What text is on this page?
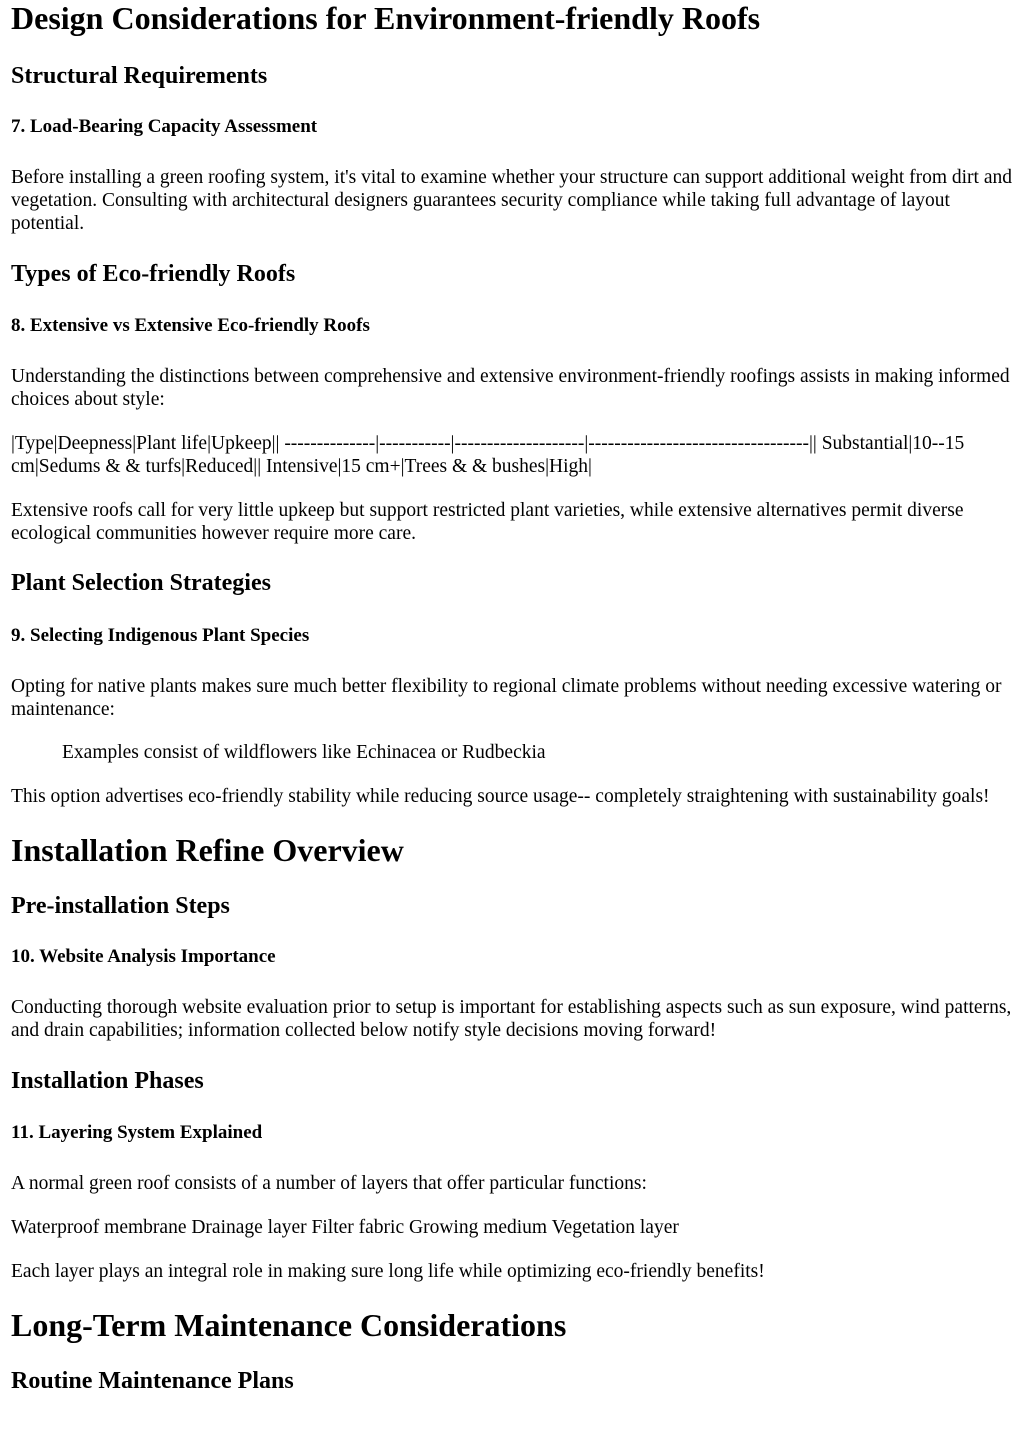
Design Considerations for Environment-friendly Roofs
Structural Requirements
7. Load-Bearing Capacity Assessment

Before installing a green roofing system, it's vital to examine whether your structure can support additional weight from dirt and vegetation. Consulting with architectural designers guarantees security compliance while taking full advantage of layout potential.

Types of Eco-friendly Roofs
8. Extensive vs Extensive Eco-friendly Roofs

Understanding the distinctions between comprehensive and extensive environment-friendly roofings assists in making informed choices about style:

|Type|Deepness|Plant life|Upkeep|| --------------|-----------|--------------------|----------------------------------|| Substantial|10--15 cm|Sedums & & turfs|Reduced|| Intensive|15 cm+|Trees & & bushes|High|

Extensive roofs call for very little upkeep but support restricted plant varieties, while extensive alternatives permit diverse ecological communities however require more care.

Plant Selection Strategies
9. Selecting Indigenous Plant Species

Opting for native plants makes sure much better flexibility to regional climate problems without needing excessive watering or maintenance:

Examples consist of wildflowers like Echinacea or Rudbeckia

This option advertises eco-friendly stability while reducing source usage-- completely straightening with sustainability goals!

Installation Refine Overview
Pre-installation Steps
10. Website Analysis Importance

Conducting thorough website evaluation prior to setup is important for establishing aspects such as sun exposure, wind patterns, and drain capabilities; information collected below notify style decisions moving forward!

Installation Phases
11. Layering System Explained

A normal green roof consists of a number of layers that offer particular functions:

Waterproof membrane Drainage layer Filter fabric Growing medium Vegetation layer

Each layer plays an integral role in making sure long life while optimizing eco-friendly benefits!

Long-Term Maintenance Considerations
Routine Maintenance Plans
